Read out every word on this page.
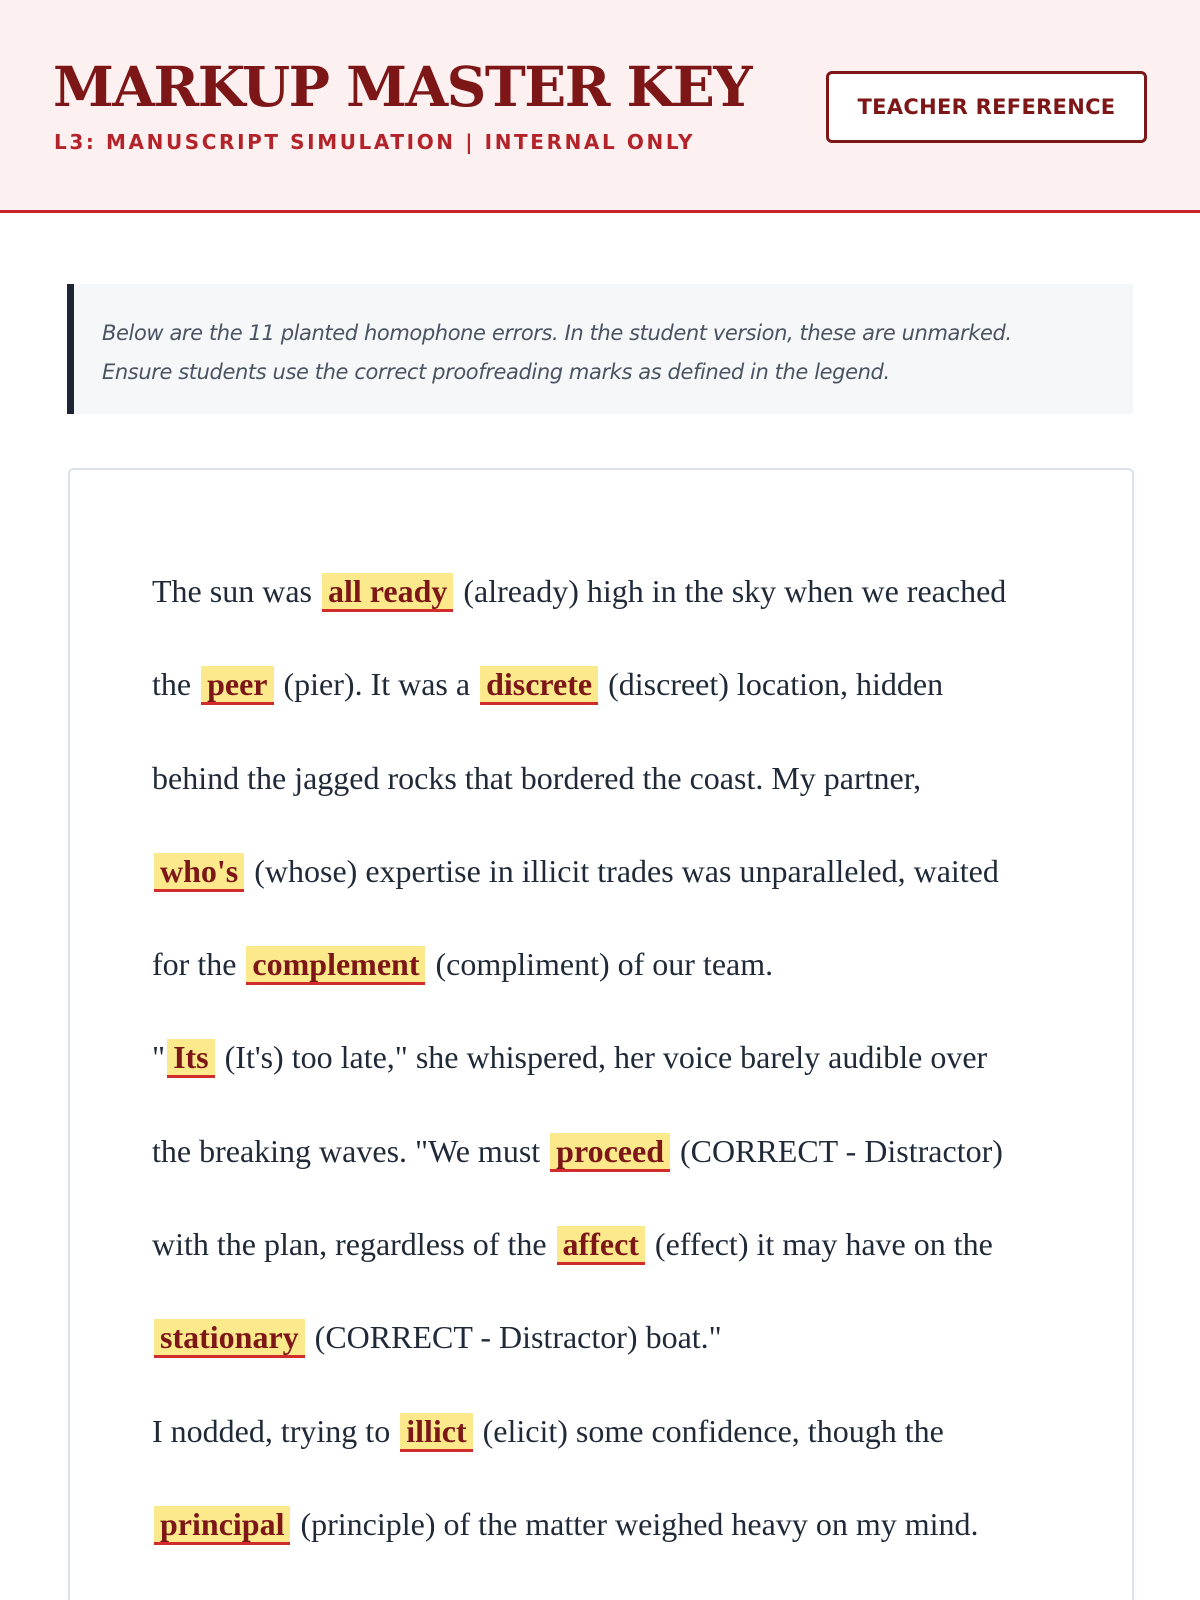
MARKUP MASTER KEY
L3: MANUSCRIPT SIMULATION | INTERNAL ONLY
TEACHER REFERENCE

Below are the 11 planted homophone errors. In the student version, these are unmarked.

Ensure students use the correct proofreading marks as defined in the legend.

The sun was all ready (already) high in the sky when we reached
the peer (pier). It was a discrete (discreet) location, hidden
behind the jagged rocks that bordered the coast. My partner,
who's (whose) expertise in illicit trades was unparalleled, waited
for the complement (compliment) of our team.
" Its (It's) too late," she whispered, her voice barely audible over
the breaking waves. "We must proceed (CORRECT - Distractor)
with the plan, regardless of the affect (effect) it may have on the
stationary (CORRECT - Distractor) boat."
I nodded, trying to illict (elicit) some confidence, though the
principal (principle) of the matter weighed heavy on my mind.
